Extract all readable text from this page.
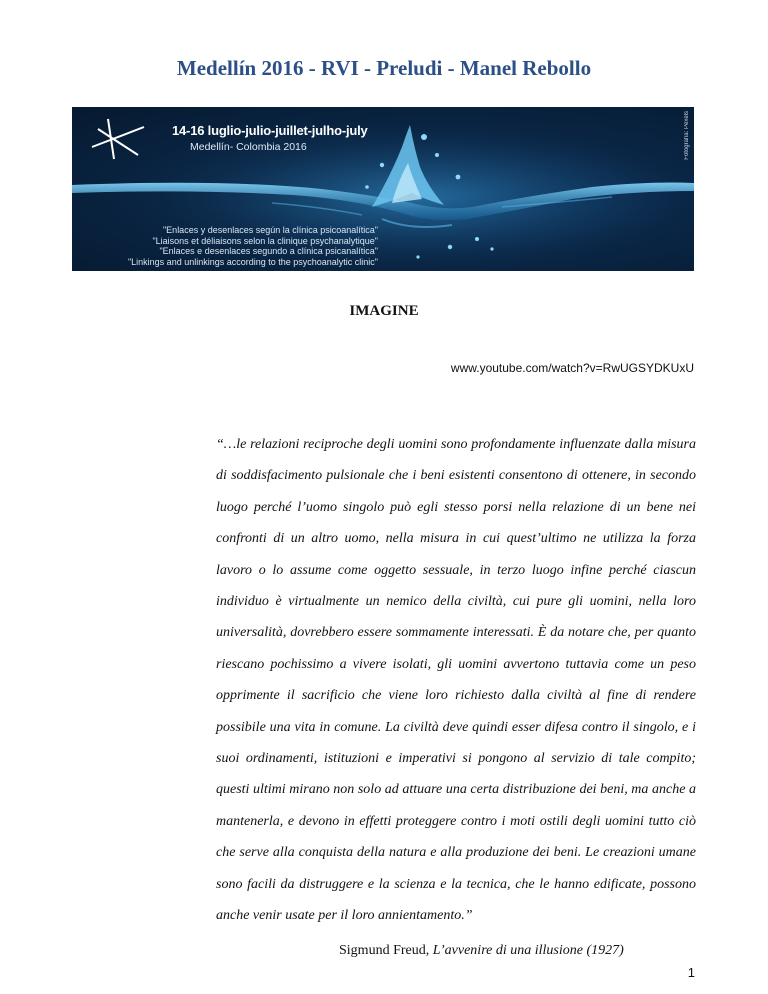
Medellín 2016 - RVI - Preludi - Manel Rebollo
14-16 luglio-julio-juillet-julho-july
Medellín- Colombia 2016
"Enlaces y desenlaces según la clínica psicoanalítica"
"Liaisons et déliaisons selon la clinique psychanalytique"
"Enlaces e desenlaces segundo a clínica psicanalítica"
"Linkings and unlinkings according to the psychoanalytic clinic"
Fotografía: Pexels
IMAGINE
www.youtube.com/watch?v=RwUGSYDKUxU

“…le relazioni reciproche degli uomini sono profondamente influenzate dalla misura di soddisfacimento pulsionale che i beni esistenti consentono di ottenere, in secondo luogo perché l’uomo singolo può egli stesso porsi nella relazione di un bene nei confronti di un altro uomo, nella misura in cui quest’ultimo ne utilizza la forza lavoro o lo assume come oggetto sessuale, in terzo luogo infine perché ciascun individuo è virtualmente un nemico della civiltà, cui pure gli uomini, nella loro universalità, dovrebbero essere sommamente interessati. È da notare che, per quanto riescano pochissimo a vivere isolati, gli uomini avvertono tuttavia come un peso opprimente il sacrificio che viene loro richiesto dalla civiltà al fine di rendere possibile una vita in comune. La civiltà deve quindi esser difesa contro il singolo, e i suoi ordinamenti, istituzioni e imperativi si pongono al servizio di tale compito; questi ultimi mirano non solo ad attuare una certa distribuzione dei beni, ma anche a mantenerla, e devono in effetti proteggere contro i moti ostili degli uomini tutto ciò che serve alla conquista della natura e alla produzione dei beni. Le creazioni umane sono facili da distruggere e la scienza e la tecnica, che le hanno edificate, possono anche venir usate per il loro annientamento.”

Sigmund Freud, L’avvenire di una illusione (1927)
1
